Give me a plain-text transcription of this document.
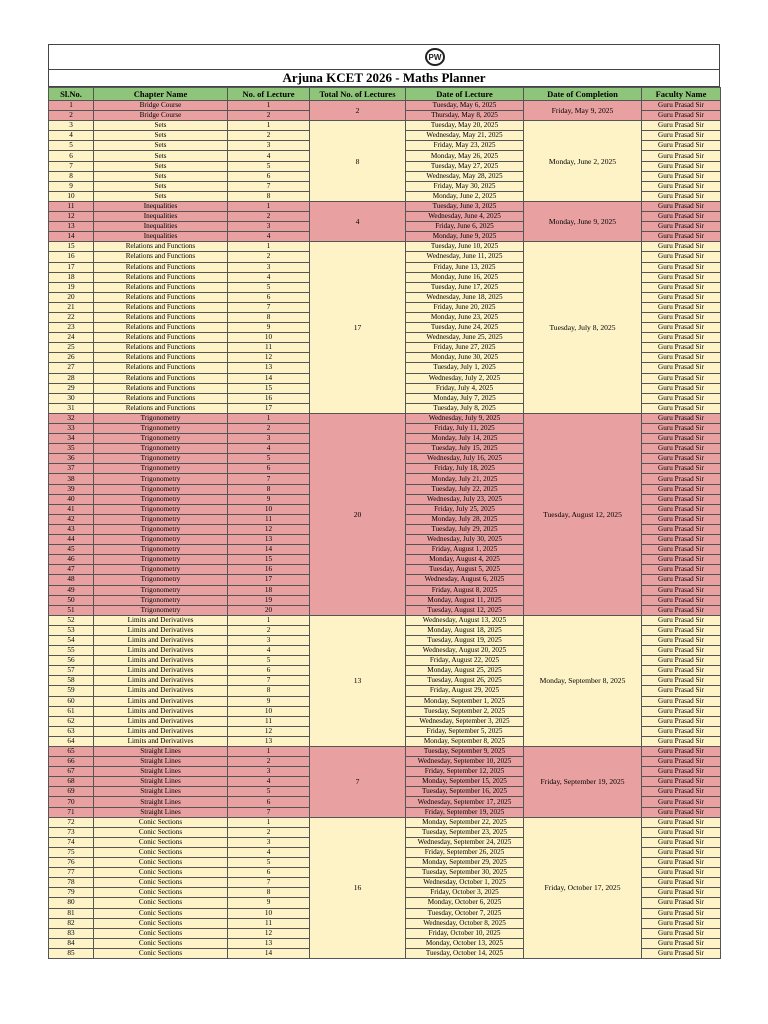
PW
Arjuna KCET 2026 - Maths Planner
Sl.No.	Chapter Name	No. of Lecture	Total No. of Lectures	Date of Lecture	Date of Completion	Faculty Name
1	Bridge Course	1	2	Tuesday, May 6, 2025	Friday, May 9, 2025	Guru Prasad Sir
2	Bridge Course	2		Thursday, May 8, 2025		Guru Prasad Sir
3	Sets	1	8	Tuesday, May 20, 2025	Monday, June 2, 2025	Guru Prasad Sir
4	Sets	2		Wednesday, May 21, 2025		Guru Prasad Sir
5	Sets	3		Friday, May 23, 2025		Guru Prasad Sir
6	Sets	4		Monday, May 26, 2025		Guru Prasad Sir
7	Sets	5		Tuesday, May 27, 2025		Guru Prasad Sir
8	Sets	6		Wednesday, May 28, 2025		Guru Prasad Sir
9	Sets	7		Friday, May 30, 2025		Guru Prasad Sir
10	Sets	8		Monday, June 2, 2025		Guru Prasad Sir
11	Inequalities	1	4	Tuesday, June 3, 2025	Monday, June 9, 2025	Guru Prasad Sir
12	Inequalities	2		Wednesday, June 4, 2025		Guru Prasad Sir
13	Inequalities	3		Friday, June 6, 2025		Guru Prasad Sir
14	Inequalities	4		Monday, June 9, 2025		Guru Prasad Sir
15	Relations and Functions	1	17	Tuesday, June 10, 2025	Tuesday, July 8, 2025	Guru Prasad Sir
16	Relations and Functions	2		Wednesday, June 11, 2025		Guru Prasad Sir
17	Relations and Functions	3		Friday, June 13, 2025		Guru Prasad Sir
18	Relations and Functions	4		Monday, June 16, 2025		Guru Prasad Sir
19	Relations and Functions	5		Tuesday, June 17, 2025		Guru Prasad Sir
20	Relations and Functions	6		Wednesday, June 18, 2025		Guru Prasad Sir
21	Relations and Functions	7		Friday, June 20, 2025		Guru Prasad Sir
22	Relations and Functions	8		Monday, June 23, 2025		Guru Prasad Sir
23	Relations and Functions	9		Tuesday, June 24, 2025		Guru Prasad Sir
24	Relations and Functions	10		Wednesday, June 25, 2025		Guru Prasad Sir
25	Relations and Functions	11		Friday, June 27, 2025		Guru Prasad Sir
26	Relations and Functions	12		Monday, June 30, 2025		Guru Prasad Sir
27	Relations and Functions	13		Tuesday, July 1, 2025		Guru Prasad Sir
28	Relations and Functions	14		Wednesday, July 2, 2025		Guru Prasad Sir
29	Relations and Functions	15		Friday, July 4, 2025		Guru Prasad Sir
30	Relations and Functions	16		Monday, July 7, 2025		Guru Prasad Sir
31	Relations and Functions	17		Tuesday, July 8, 2025		Guru Prasad Sir
32	Trigonometry	1	20	Wednesday, July 9, 2025	Tuesday, August 12, 2025	Guru Prasad Sir
33	Trigonometry	2		Friday, July 11, 2025		Guru Prasad Sir
34	Trigonometry	3		Monday, July 14, 2025		Guru Prasad Sir
35	Trigonometry	4		Tuesday, July 15, 2025		Guru Prasad Sir
36	Trigonometry	5		Wednesday, July 16, 2025		Guru Prasad Sir
37	Trigonometry	6		Friday, July 18, 2025		Guru Prasad Sir
38	Trigonometry	7		Monday, July 21, 2025		Guru Prasad Sir
39	Trigonometry	8		Tuesday, July 22, 2025		Guru Prasad Sir
40	Trigonometry	9		Wednesday, July 23, 2025		Guru Prasad Sir
41	Trigonometry	10		Friday, July 25, 2025		Guru Prasad Sir
42	Trigonometry	11		Monday, July 28, 2025		Guru Prasad Sir
43	Trigonometry	12		Tuesday, July 29, 2025		Guru Prasad Sir
44	Trigonometry	13		Wednesday, July 30, 2025		Guru Prasad Sir
45	Trigonometry	14		Friday, August 1, 2025		Guru Prasad Sir
46	Trigonometry	15		Monday, August 4, 2025		Guru Prasad Sir
47	Trigonometry	16		Tuesday, August 5, 2025		Guru Prasad Sir
48	Trigonometry	17		Wednesday, August 6, 2025		Guru Prasad Sir
49	Trigonometry	18		Friday, August 8, 2025		Guru Prasad Sir
50	Trigonometry	19		Monday, August 11, 2025		Guru Prasad Sir
51	Trigonometry	20		Tuesday, August 12, 2025		Guru Prasad Sir
52	Limits and Derivatives	1	13	Wednesday, August 13, 2025	Monday, September 8, 2025	Guru Prasad Sir
53	Limits and Derivatives	2		Monday, August 18, 2025		Guru Prasad Sir
54	Limits and Derivatives	3		Tuesday, August 19, 2025		Guru Prasad Sir
55	Limits and Derivatives	4		Wednesday, August 20, 2025		Guru Prasad Sir
56	Limits and Derivatives	5		Friday, August 22, 2025		Guru Prasad Sir
57	Limits and Derivatives	6		Monday, August 25, 2025		Guru Prasad Sir
58	Limits and Derivatives	7		Tuesday, August 26, 2025		Guru Prasad Sir
59	Limits and Derivatives	8		Friday, August 29, 2025		Guru Prasad Sir
60	Limits and Derivatives	9		Monday, September 1, 2025		Guru Prasad Sir
61	Limits and Derivatives	10		Tuesday, September 2, 2025		Guru Prasad Sir
62	Limits and Derivatives	11		Wednesday, September 3, 2025		Guru Prasad Sir
63	Limits and Derivatives	12		Friday, September 5, 2025		Guru Prasad Sir
64	Limits and Derivatives	13		Monday, September 8, 2025		Guru Prasad Sir
65	Straight Lines	1	7	Tuesday, September 9, 2025	Friday, September 19, 2025	Guru Prasad Sir
66	Straight Lines	2		Wednesday, September 10, 2025		Guru Prasad Sir
67	Straight Lines	3		Friday, September 12, 2025		Guru Prasad Sir
68	Straight Lines	4		Monday, September 15, 2025		Guru Prasad Sir
69	Straight Lines	5		Tuesday, September 16, 2025		Guru Prasad Sir
70	Straight Lines	6		Wednesday, September 17, 2025		Guru Prasad Sir
71	Straight Lines	7		Friday, September 19, 2025		Guru Prasad Sir
72	Conic Sections	1	16	Monday, September 22, 2025	Friday, October 17, 2025	Guru Prasad Sir
73	Conic Sections	2		Tuesday, September 23, 2025		Guru Prasad Sir
74	Conic Sections	3		Wednesday, September 24, 2025		Guru Prasad Sir
75	Conic Sections	4		Friday, September 26, 2025		Guru Prasad Sir
76	Conic Sections	5		Monday, September 29, 2025		Guru Prasad Sir
77	Conic Sections	6		Tuesday, September 30, 2025		Guru Prasad Sir
78	Conic Sections	7		Wednesday, October 1, 2025		Guru Prasad Sir
79	Conic Sections	8		Friday, October 3, 2025		Guru Prasad Sir
80	Conic Sections	9		Monday, October 6, 2025		Guru Prasad Sir
81	Conic Sections	10		Tuesday, October 7, 2025		Guru Prasad Sir
82	Conic Sections	11		Wednesday, October 8, 2025		Guru Prasad Sir
83	Conic Sections	12		Friday, October 10, 2025		Guru Prasad Sir
84	Conic Sections	13		Monday, October 13, 2025		Guru Prasad Sir
85	Conic Sections	14		Tuesday, October 14, 2025		Guru Prasad Sir
